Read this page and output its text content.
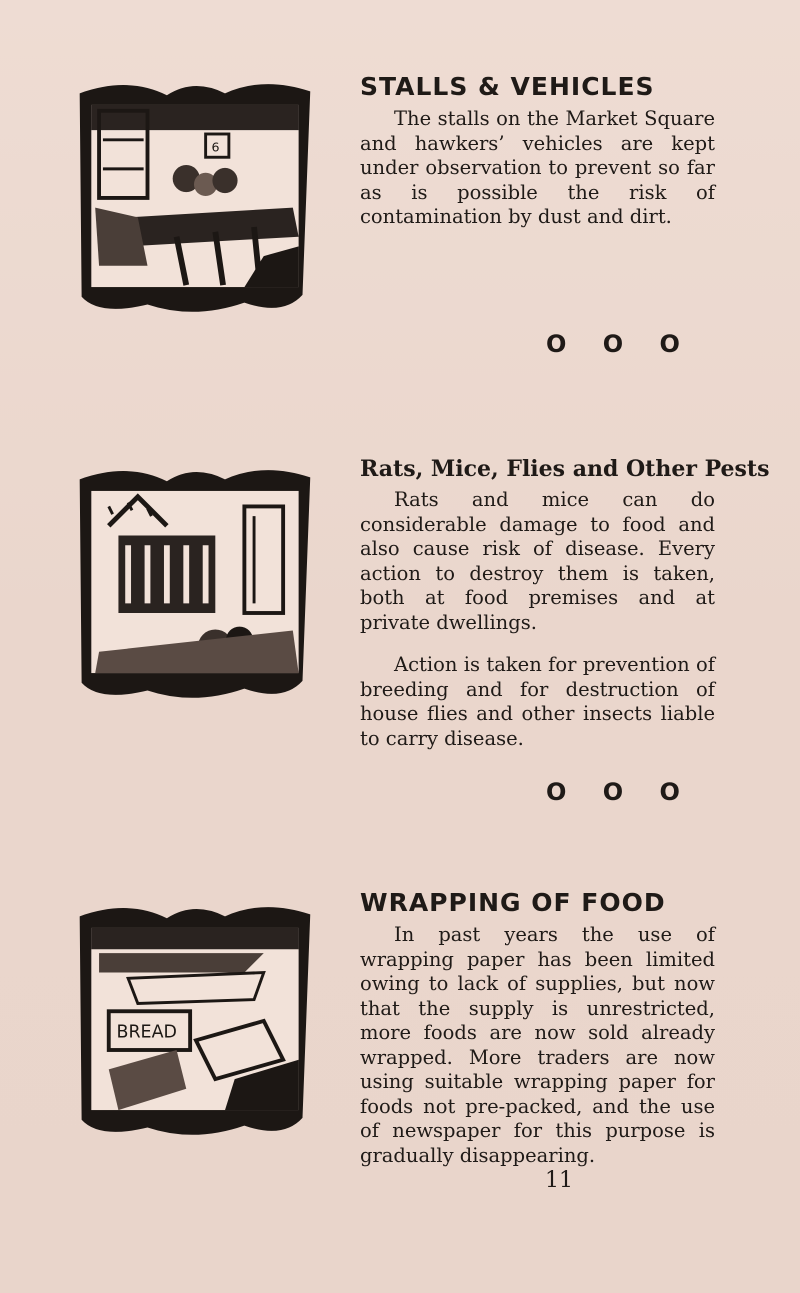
6
BREAD
STALLS & VEHICLES

The stalls on the Market Square and hawkers’ vehicles are kept under observation to prevent so far as is possible the risk of contamination by dust and dirt.

O O O
Rats, Mice, Flies and Other Pests

Rats and mice can do considerable damage to food and also cause risk of disease. Every action to destroy them is taken, both at food premises and at private dwellings.

Action is taken for prevention of breeding and for destruction of house flies and other insects liable to carry disease.

O O O
WRAPPING OF FOOD

In past years the use of wrapping paper has been limited owing to lack of supplies, but now that the supply is unrestricted, more foods are now sold already wrapped. More traders are now using suitable wrapping paper for foods not pre-packed, and the use of newspaper for this purpose is gradually disappearing.

11
